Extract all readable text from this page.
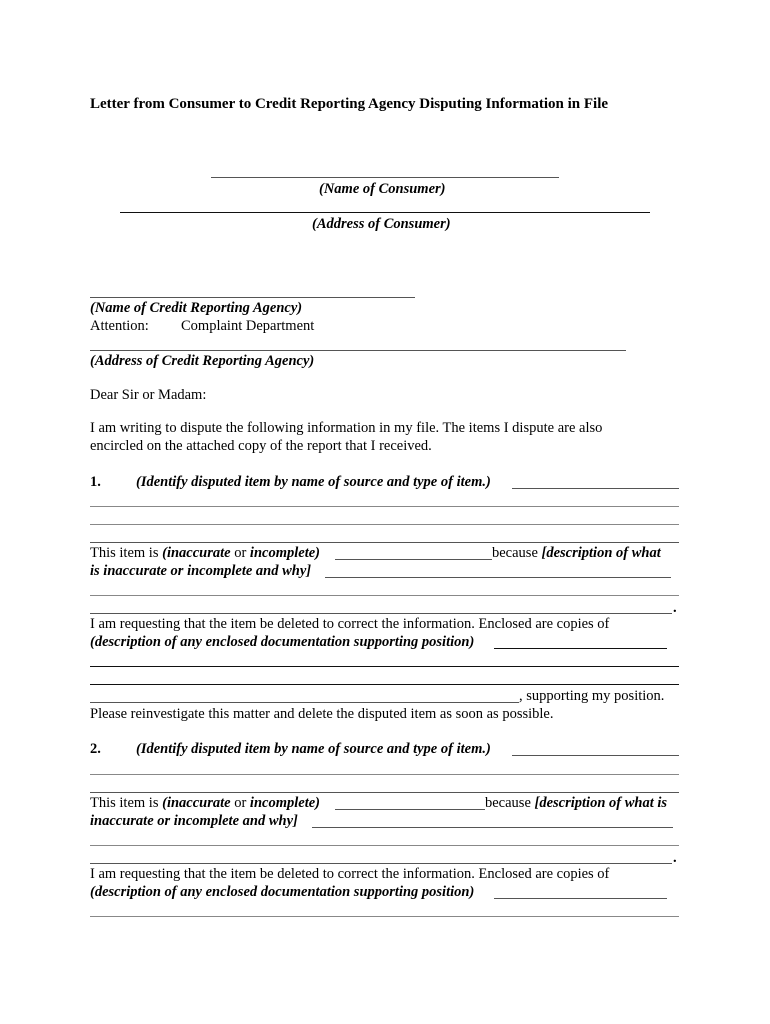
Letter from Consumer to Credit Reporting Agency Disputing Information in File
(Name of Consumer)
(Address of Consumer)
(Name of Credit Reporting Agency)
Attention: Complaint Department
(Address of Credit Reporting Agency)
Dear Sir or Madam:
I am writing to dispute the following information in my file. The items I dispute are also
encircled on the attached copy of the report that I received.
1. (Identify disputed item by name of source and type of item.)
This item is (inaccurate or incomplete)	because [description of what
is inaccurate or incomplete and why]
.
I am requesting that the item be deleted to correct the information. Enclosed are copies of
(description of any enclosed documentation supporting position)
, supporting my position.
Please reinvestigate this matter and delete the disputed item as soon as possible.
2. (Identify disputed item by name of source and type of item.)
This item is (inaccurate or incomplete)	because [description of what is
inaccurate or incomplete and why]
.
I am requesting that the item be deleted to correct the information. Enclosed are copies of
(description of any enclosed documentation supporting position)
